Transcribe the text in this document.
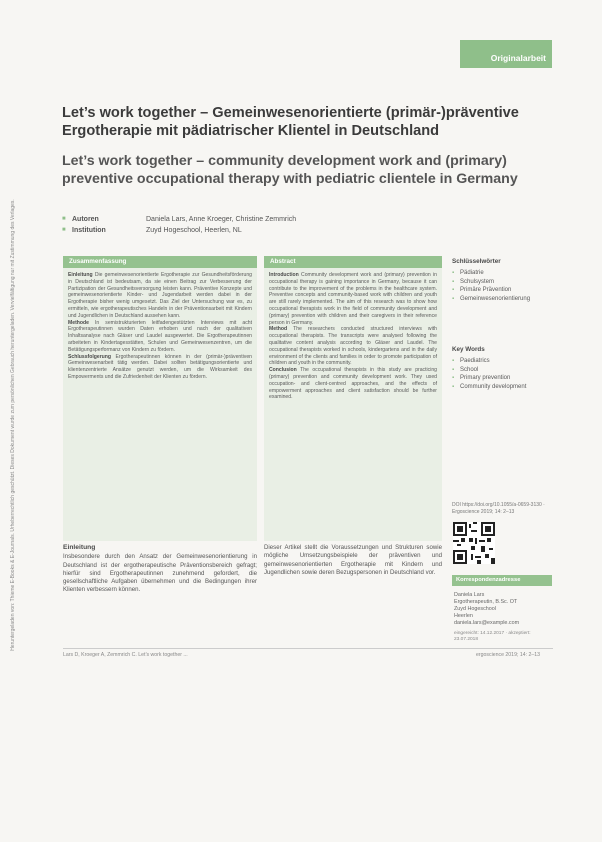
Heruntergeladen von: Thieme E-Books & E-Journals. Urheberrechtlich geschützt. Dieses Dokument wurde zum persönlichen Gebrauch heruntergeladen. Vervielfältigung nur mit Zustimmung des Verlages.
Originalarbeit
Let’s work together – Gemeinwesenorientierte (primär-)präventive Ergotherapie mit pädiatrischer Klientel in Deutschland
Let’s work together – community development work and (primary) preventive occupational therapy with pediatric clientele in Germany
■ Autoren	Daniela Lars, Anne Kroeger, Christine Zemmrich
■ Institution	Zuyd Hogeschool, Heerlen, NL
Zusammenfassung

Einleitung Die gemeinwesenorientierte Ergotherapie zur Gesundheitsförderung in Deutschland ist bedeutsam, da sie einen Beitrag zur Verbesserung der Partizipation der Gesundheitsversorgung leisten kann. Präventive Konzepte und gemeinwesenorientierte Kinder- und Jugendarbeit werden dabei in der Ergotherapie bisher wenig umgesetzt. Das Ziel der Untersuchung war es, zu ermitteln, wie ergotherapeutisches Handeln in der Präventionsarbeit mit Kindern und Jugendlichen in Deutschland aussehen kann.

Methode In semistrukturierten leitfadengestützten Interviews mit acht Ergotherapeutinnen wurden Daten erhoben und nach der qualitativen Inhaltsanalyse nach Gläser und Laudel ausgewertet. Die Ergotherapeutinnen arbeiteten in Kindertagesstätten, Schulen und Gemeinwesenzentren, um die Betätigungsperformanz von Kindern zu fördern.

Schlussfolgerung Ergotherapeutinnen können in der (primär-)präventiven Gemeinwesenarbeit tätig werden. Dabei sollten betätigungsorientierte und klientenzentrierte Ansätze genutzt werden, um die Wirksamkeit des Empowerments und die Zufriedenheit der Klienten zu fördern.

Abstract

Introduction Community development work and (primary) prevention in occupational therapy is gaining importance in Germany, because it can contribute to the improvement of the problems in the healthcare system. Preventive concepts and community-based work with children and youth are still rarely implemented. The aim of this research was to show how occupational therapists work in the field of community development and (primary) prevention with children and their caregivers in their reference person in Germany.

Method The researchers conducted structured interviews with occupational therapists. The transcripts were analysed following the qualitative content analysis according to Gläser and Laudel. The occupational therapists worked in schools, kindergartens and in the daily environment of the clients and families in order to promote participation of children and youth in the community.

Conclusion The occupational therapists in this study are practicing (primary) prevention and community development work. They used occupation- and client-centred approaches, and the effects of empowerment approaches and client satisfaction should be further examined.

Schlüsselwörter
▪ Pädiatrie
▪ Schulsystem
▪ Primäre Prävention
▪ Gemeinwesenorientierung
Key Words
▪ Paediatrics
▪ School
▪ Primary prevention
▪ Community development
DOI https://doi.org/10.1055/a-0659-3130 · Ergoscience 2019; 14: 2–13
Korrespondenzadresse

Daniela Lars

Ergotherapeutin, B.Sc. OT

Zuyd Hogeschool

Heerlen

daniela.lars@example.com

eingereicht: 14.12.2017 · akzeptiert: 23.07.2018

Einleitung

Insbesondere durch den Ansatz der Gemeinwesenorientierung in Deutschland ist der ergotherapeutische Präventionsbereich gefragt; hierfür sind Ergotherapeutinnen zunehmend gefordert, die gesellschaftliche Aufgaben übernehmen und die Bedingungen ihrer Klienten verbessern können.

Dieser Artikel stellt die Voraussetzungen und Strukturen sowie mögliche Umsetzungsbeispiele der präventiven und gemeinwesenorientierten Ergotherapie mit Kindern und Jugendlichen sowie deren Bezugspersonen in Deutschland vor.

Lars D, Kroeger A, Zemmrich C. Let’s work together ...	ergoscience 2019; 14: 2–13
